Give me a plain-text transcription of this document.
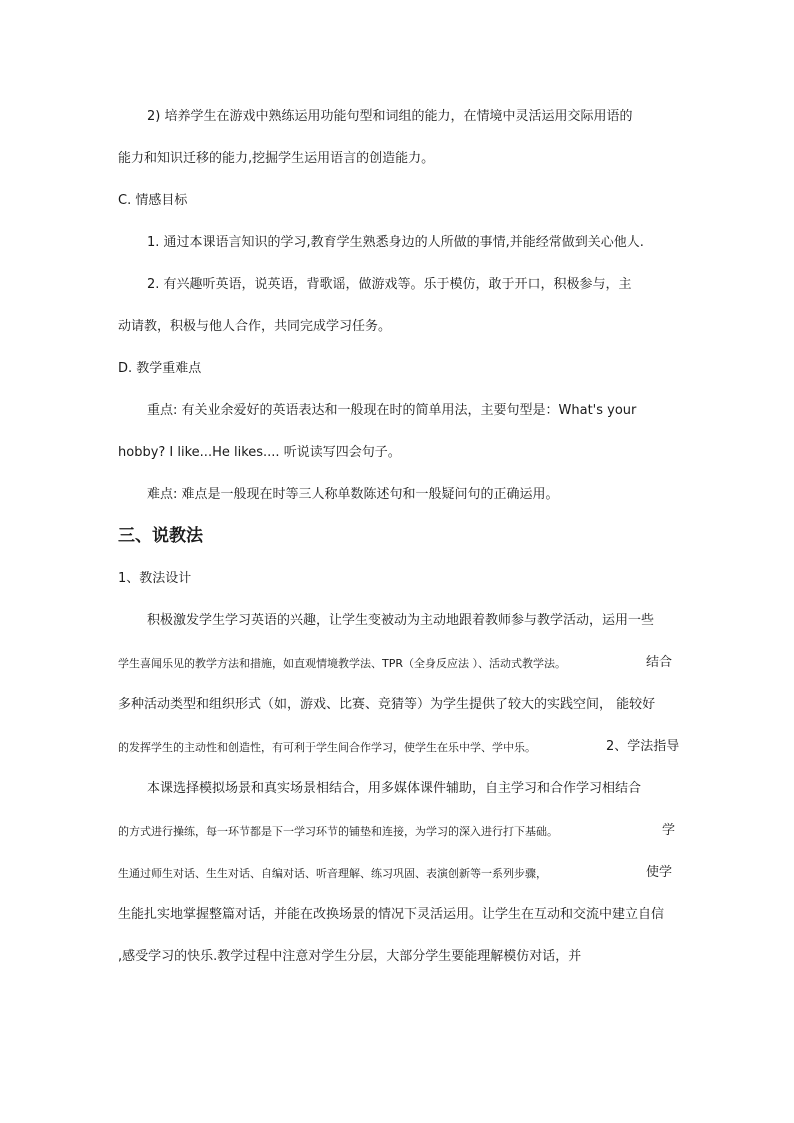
2) 培养学生在游戏中熟练运用功能句型和词组的能力，在情境中灵活运用交际用语的
能力和知识迁移的能力,挖掘学生运用语言的创造能力。
C. 情感目标
1. 通过本课语言知识的学习,教育学生熟悉身边的人所做的事情,并能经常做到关心他人.
2. 有兴趣听英语，说英语，背歌谣，做游戏等。乐于模仿，敢于开口，积极参与，主
动请教，积极与他人合作，共同完成学习任务。
D. 教学重难点
重点: 有关业余爱好的英语表达和一般现在时的简单用法，主要句型是：What's your
hobby? I like...He likes.... 听说读写四会句子。
难点: 难点是一般现在时等三人称单数陈述句和一般疑问句的正确运用。
三、说教法
1、教法设计
积极激发学生学习英语的兴趣，让学生变被动为主动地跟着教师参与教学活动，运用一些
学生喜闻乐见的教学方法和措施，如直观情境教学法、TPR（全身反应法 ）、活动式教学法。	结合
多种活动类型和组织形式（如，游戏、比赛、竞猜等）为学生提供了较大的实践空间， 能较好
的发挥学生的主动性和创造性，有可利于学生间合作学习，使学生在乐中学、学中乐。	2、学法指导
本课选择模拟场景和真实场景相结合，用多媒体课件辅助，自主学习和合作学习相结合
的方式进行操练，每一环节都是下一学习环节的铺垫和连接，为学习的深入进行打下基础。	学
生通过师生对话、生生对话、自编对话、听音理解、练习巩固、表演创新等一系列步骤，	使学
生能扎实地掌握整篇对话，并能在改换场景的情况下灵活运用。让学生在互动和交流中建立自信
,感受学习的快乐.教学过程中注意对学生分层，大部分学生要能理解模仿对话，并
